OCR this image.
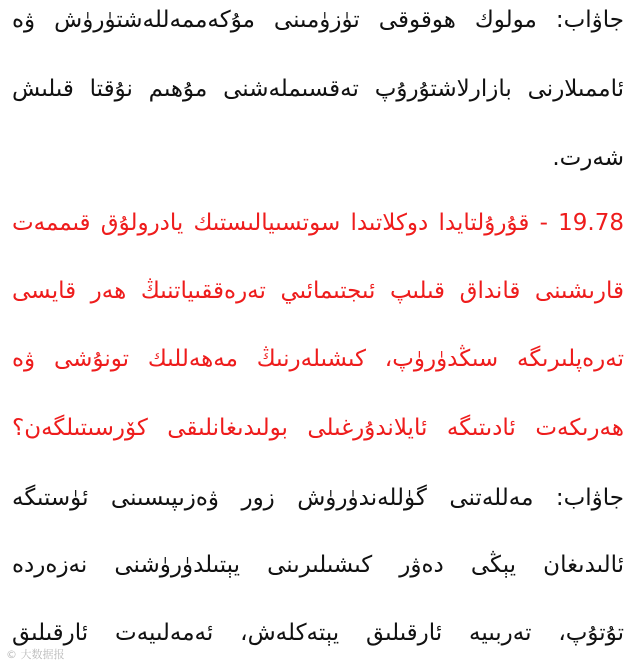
جاۋاب: مولوك ھوقوقى تۈزۈمىنى مۇكەممەللەشتۈرۈش ۋە
ئاممىلارنى بازارلاشتۇرۇپ تەقسىملەشنى مۇھىم نۇقتا قىلىش
شەرت.
19.78 - قۇرۇلتايدا دوكلاتىدا سوتسىيالىستىك يادرولۇق قىممەت
قارىشىنى قانداق قىلىپ ئىجتىمائىي تەرەققىياتنىڭ ھەر قايسى
تەرەپلىرىگە سىڭدۈرۈپ، كىشىلەرنىڭ مەھەللىك تونۇشى ۋە
ھەرىكەت ئادىتىگە ئايلاندۇرغىلى بولىدىغانلىقى كۆرسىتىلگەن؟
جاۋاب: مەللەتنى گۈللەندۈرۈش زور ۋەزىپىسىنى ئۈستىگە
ئالىدىغان يېڭى دەۋر كىشىلىرىنى يېتىلدۈرۈشنى نەزەردە
تۇتۇپ، تەربىيە ئارقىلىق يېتەكلەش، ئەمەلىيەت ئارقىلىق
© 大数据报
